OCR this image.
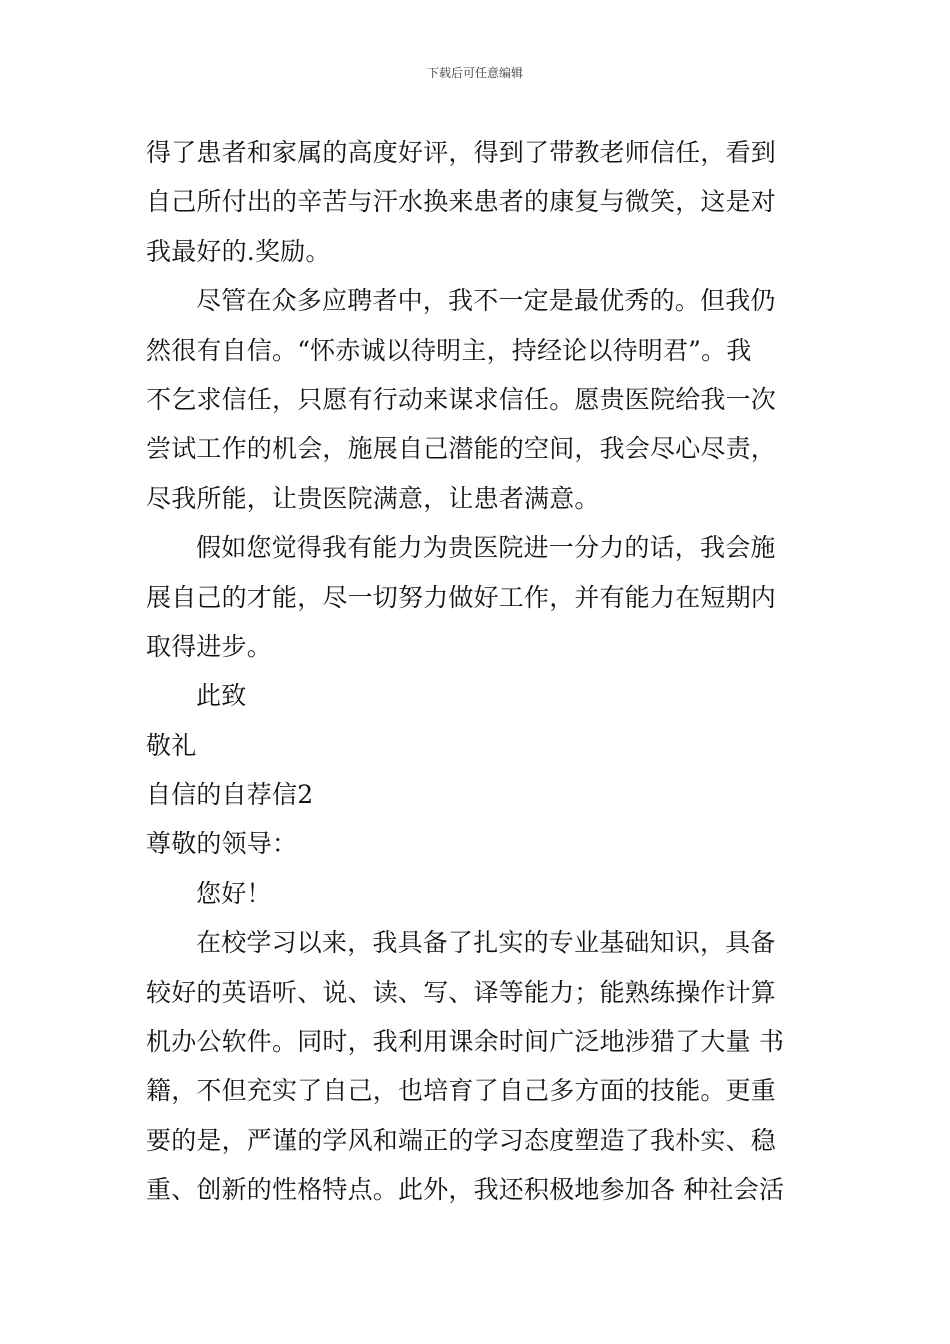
下载后可任意编辑
得了患者和家属的高度好评，得到了带教老师信任，看到
自己所付出的辛苦与汗水换来患者的康复与微笑，这是对
我最好的.奖励。
尽管在众多应聘者中，我不一定是最优秀的。但我仍
然很有自信。“怀赤诚以待明主，持经论以待明君”。我
不乞求信任，只愿有行动来谋求信任。愿贵医院给我一次
尝试工作的机会，施展自己潜能的空间，我会尽心尽责，
尽我所能，让贵医院满意，让患者满意。
假如您觉得我有能力为贵医院进一分力的话，我会施
展自己的才能，尽一切努力做好工作，并有能力在短期内
取得进步。
此致
敬礼
自信的自荐信2
尊敬的领导：
您好！
在校学习以来，我具备了扎实的专业基础知识，具备
较好的英语听、说、读、写、译等能力；能熟练操作计算
机办公软件。同时，我利用课余时间广泛地涉猎了大量 书
籍，不但充实了自己，也培育了自己多方面的技能。更重
要的是，严谨的学风和端正的学习态度塑造了我朴实、稳
重、创新的性格特点。此外，我还积极地参加各 种社会活
